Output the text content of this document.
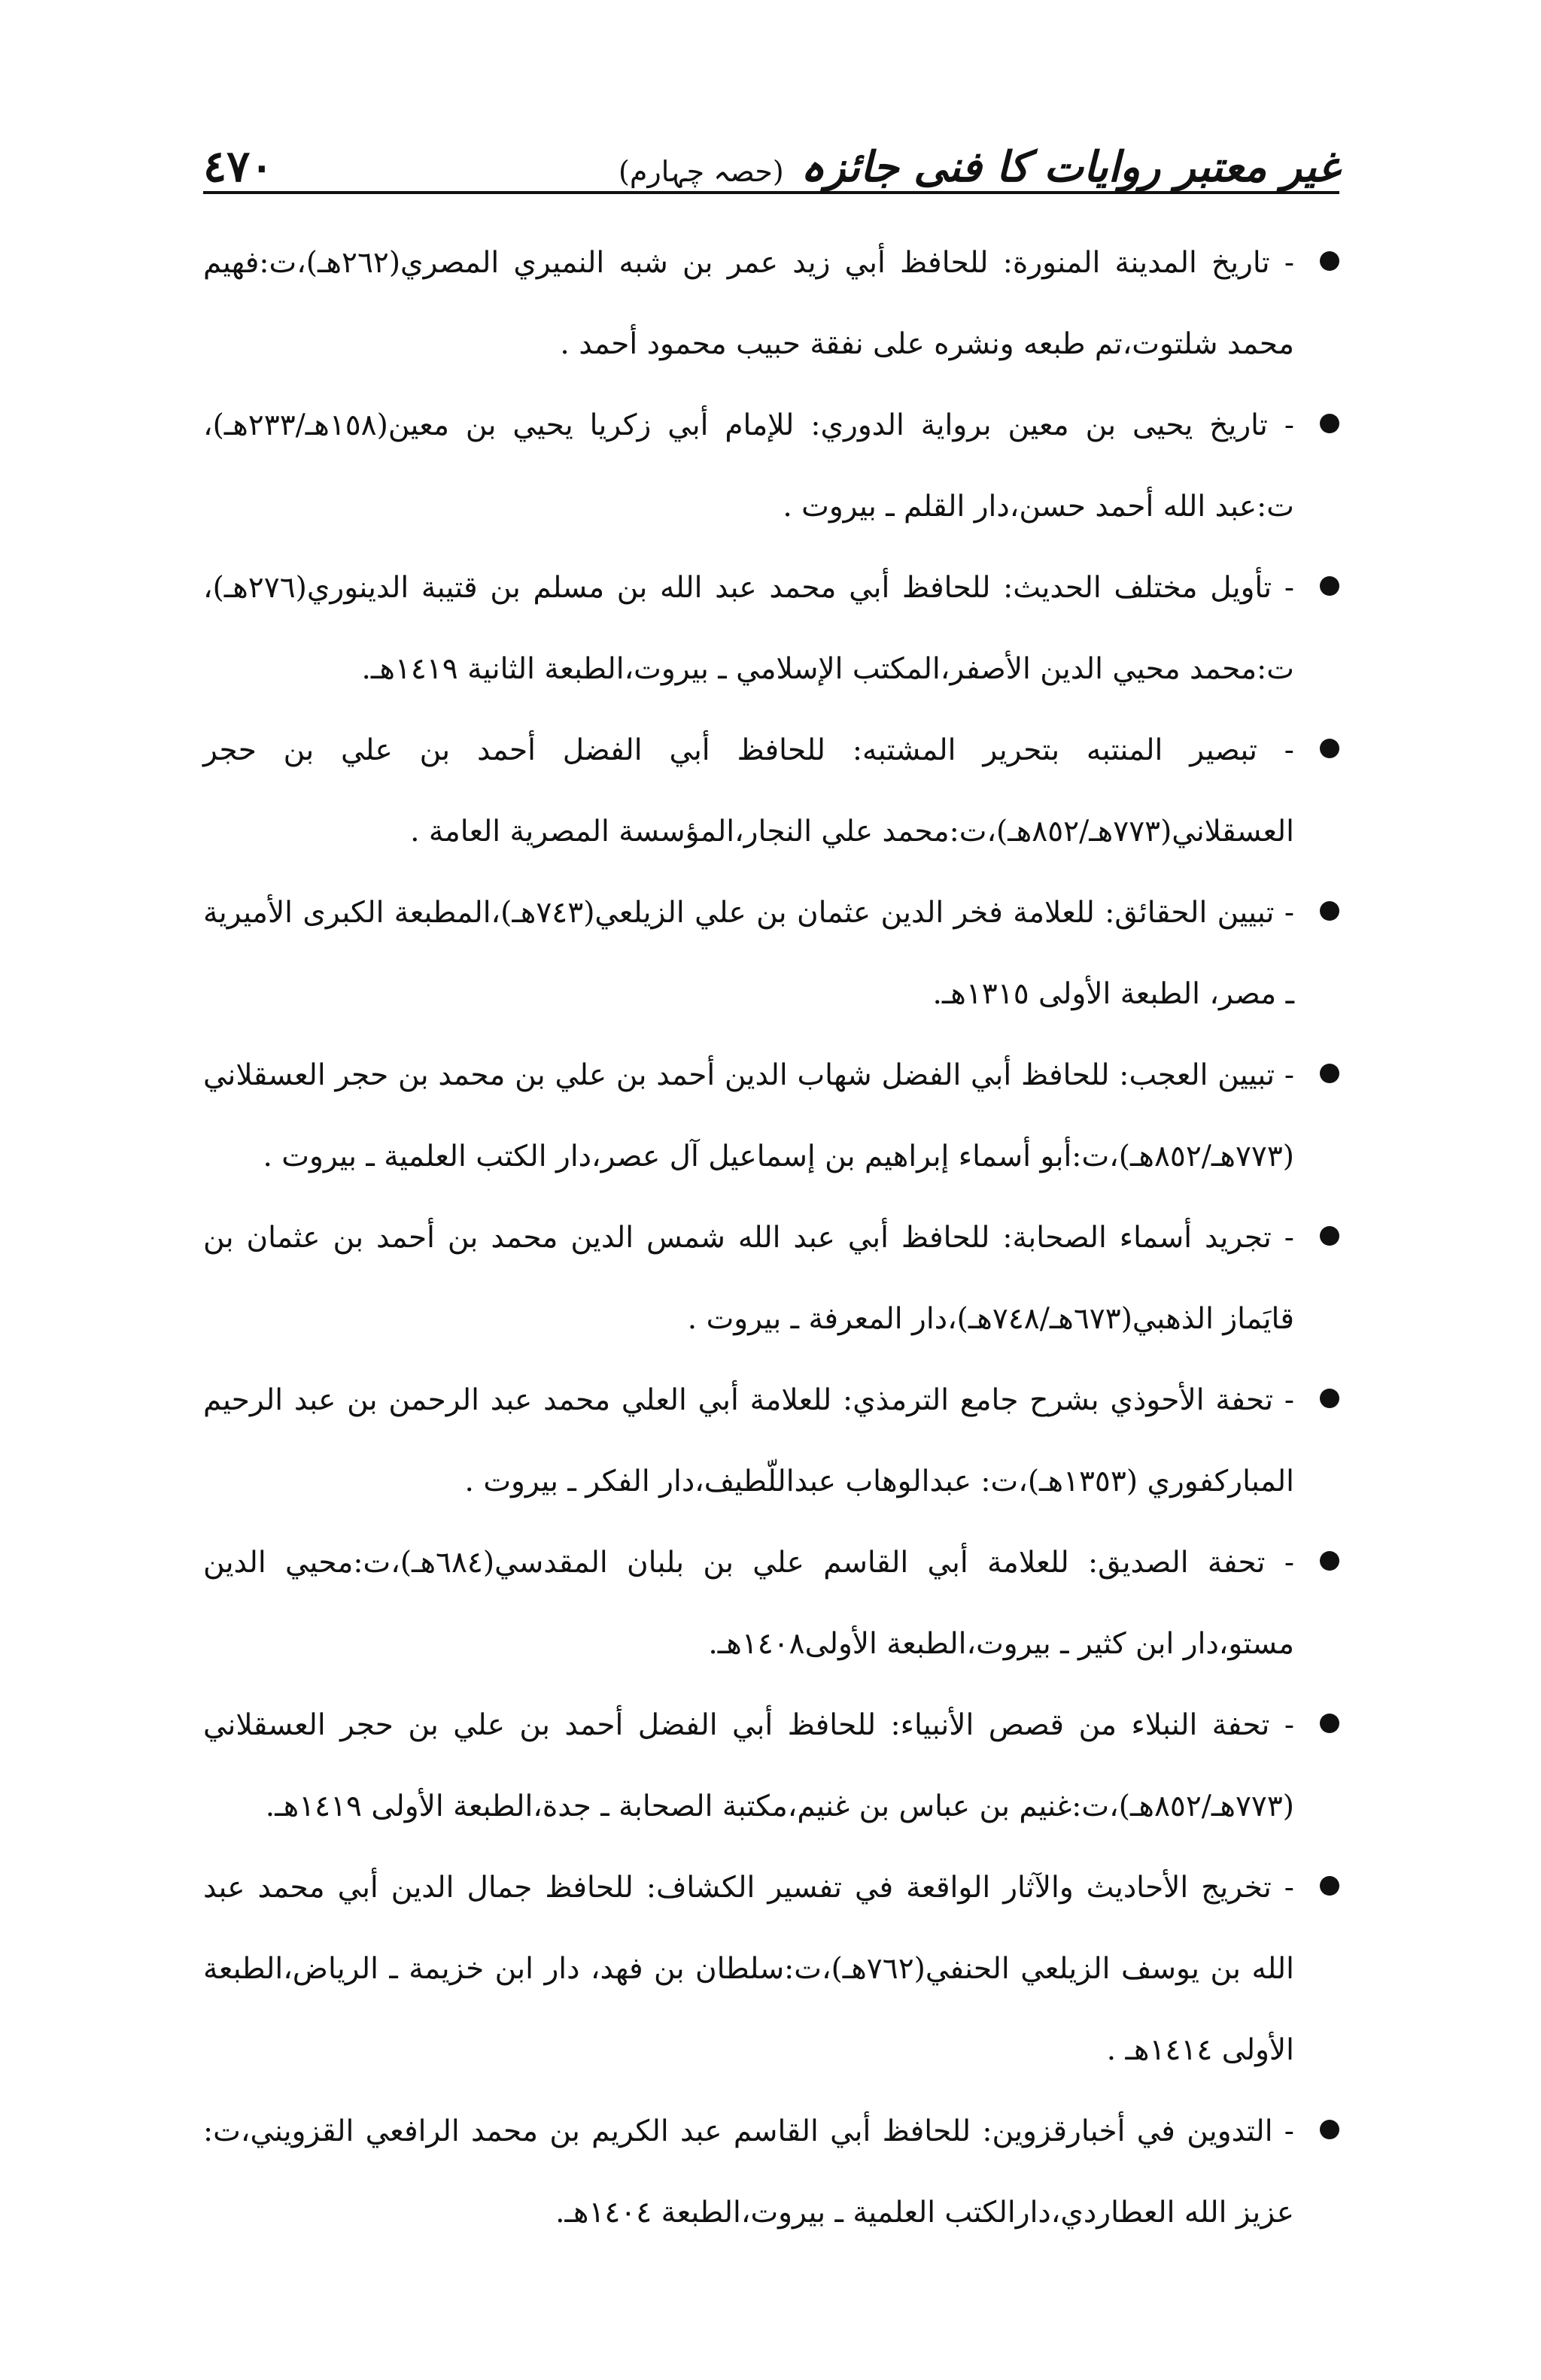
غیر معتبر روایات کا فنی جائزہ(حصہ چہارم)
٤٧٠
- تاريخ المدينة المنورة: للحافظ أبي زيد عمر بن شبه النميري المصري(٢٦٢هـ)،ت:فهيم محمد شلتوت،تم طبعه ونشره على نفقة حبيب محمود أحمد .
- تاريخ يحيى بن معين برواية الدوري: للإمام أبي زكريا يحيي بن معين(١٥٨هـ/٢٣٣هـ)، ت:عبد الله أحمد حسن،دار القلم ـ بيروت .
- تأويل مختلف الحديث: للحافظ أبي محمد عبد الله بن مسلم بن قتيبة الدينوري(٢٧٦هـ)، ت:محمد محيي الدين الأصفر،المكتب الإسلامي ـ بيروت،الطبعة الثانية ١٤١٩هـ.
- تبصير المنتبه بتحرير المشتبه: للحافظ أبي الفضل أحمد بن علي بن حجر العسقلاني(٧٧٣هـ/٨٥٢هـ)،ت:محمد علي النجار،المؤسسة المصرية العامة .
- تبيين الحقائق: للعلامة فخر الدين عثمان بن علي الزيلعي(٧٤٣هـ)،المطبعة الكبرى الأميرية ـ مصر، الطبعة الأولى ١٣١٥هـ.
- تبيين العجب: للحافظ أبي الفضل شهاب الدين أحمد بن علي بن محمد بن حجر العسقلاني (٧٧٣هـ/٨٥٢هـ)،ت:أبو أسماء إبراهيم بن إسماعيل آل عصر،دار الكتب العلمية ـ بيروت .
- تجريد أسماء الصحابة: للحافظ أبي عبد الله شمس الدين محمد بن أحمد بن عثمان بن قايَماز الذهبي(٦٧٣هـ/٧٤٨هـ)،دار المعرفة ـ بيروت .
- تحفة الأحوذي بشرح جامع الترمذي: للعلامة أبي العلي محمد عبد الرحمن بن عبد الرحيم المباركفوري (١٣٥٣هـ)،ت: عبدالوهاب عبداللّطيف،دار الفكر ـ بيروت .
- تحفة الصديق: للعلامة أبي القاسم علي بن بلبان المقدسي(٦٨٤هـ)،ت:محيي الدين مستو،دار ابن كثير ـ بيروت،الطبعة الأولى١٤٠٨هـ.
- تحفة النبلاء من قصص الأنبياء: للحافظ أبي الفضل أحمد بن علي بن حجر العسقلاني (٧٧٣هـ/٨٥٢هـ)،ت:غنيم بن عباس بن غنيم،مكتبة الصحابة ـ جدة،الطبعة الأولى ١٤١٩هـ.
- تخريج الأحاديث والآثار الواقعة في تفسير الكشاف: للحافظ جمال الدين أبي محمد عبد الله بن يوسف الزيلعي الحنفي(٧٦٢هـ)،ت:سلطان بن فهد، دار ابن خزيمة ـ الرياض،الطبعة الأولى ١٤١٤هـ .
- التدوين في أخبارقزوين: للحافظ أبي القاسم عبد الكريم بن محمد الرافعي القزويني،ت: عزيز الله العطاردي،دارالكتب العلمية ـ بيروت،الطبعة ١٤٠٤هـ.
